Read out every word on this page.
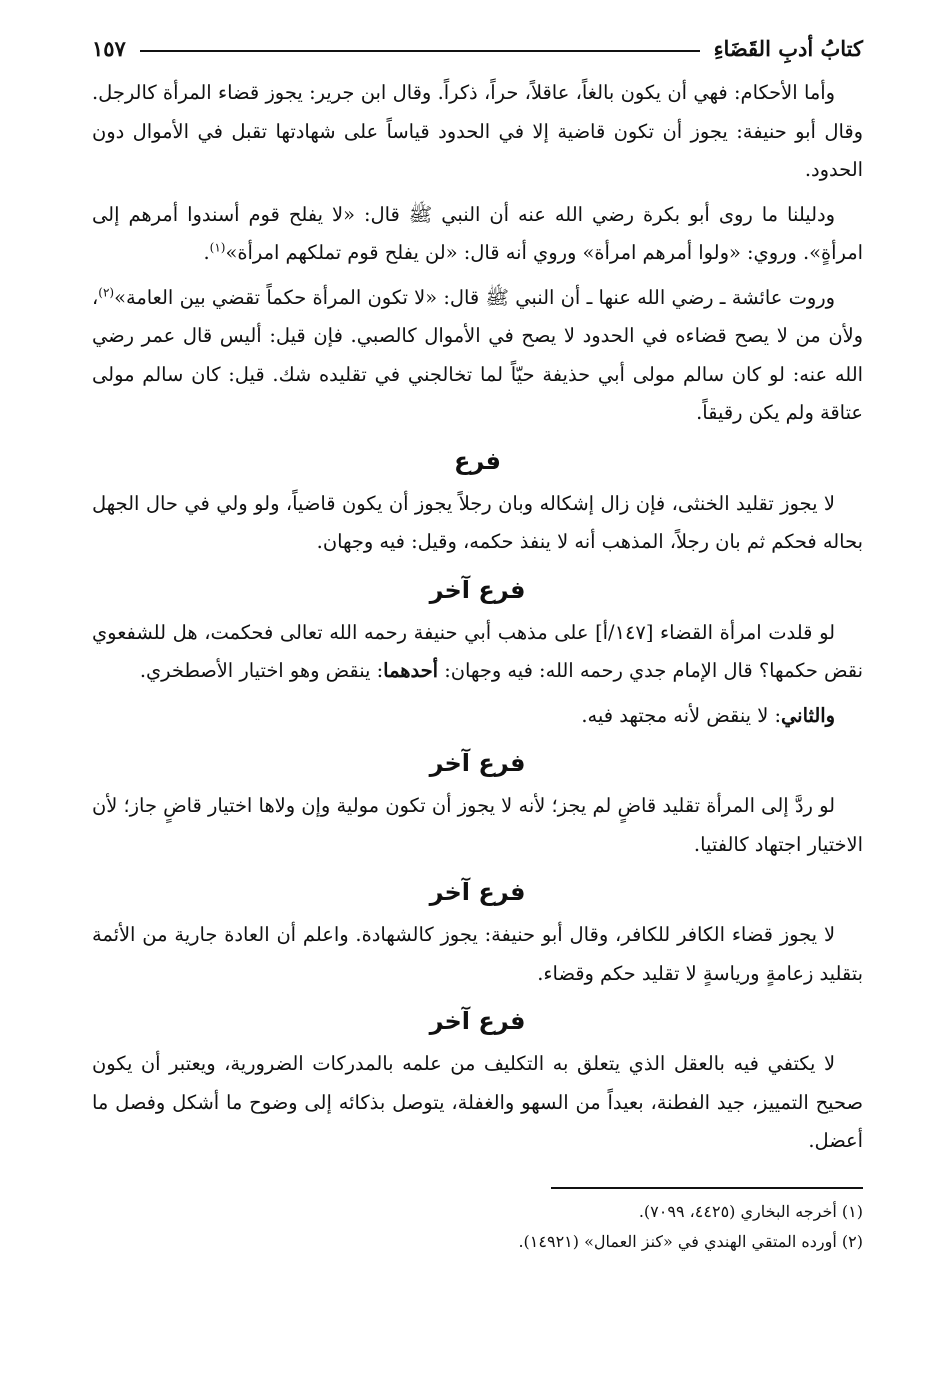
كتابُ أدبِ القَضَاءِ
١٥٧

وأما الأحكام: فهي أن يكون بالغاً، عاقلاً، حراً، ذكراً. وقال ابن جرير: يجوز قضاء المرأة كالرجل. وقال أبو حنيفة: يجوز أن تكون قاضية إلا في الحدود قياساً على شهادتها تقبل في الأموال دون الحدود.

ودليلنا ما روى أبو بكرة رضي الله عنه أن النبي ﷺ قال: «لا يفلح قوم أسندوا أمرهم إلى امرأةٍ». وروي: «ولوا أمرهم امرأة» وروي أنه قال: «لن يفلح قوم تملكهم امرأة»$^{(١)}$.

وروت عائشة ـ رضي الله عنها ـ أن النبي ﷺ قال: «لا تكون المرأة حكماً تقضي بين العامة»$^{(٢)}$، ولأن من لا يصح قضاءه في الحدود لا يصح في الأموال كالصبي. فإن قيل: أليس قال عمر رضي الله عنه: لو كان سالم مولى أبي حذيفة حيّاً لما تخالجني في تقليده شك. قيل: كان سالم مولى عتاقة ولم يكن رقيقاً.

فرع

لا يجوز تقليد الخنثى، فإن زال إشكاله وبان رجلاً يجوز أن يكون قاضياً، ولو ولي في حال الجهل بحاله فحكم ثم بان رجلاً، المذهب أنه لا ينفذ حكمه، وقيل: فيه وجهان.

فرع آخر

لو قلدت امرأة القضاء [١٤٧/أ] على مذهب أبي حنيفة رحمه الله تعالى فحكمت، هل للشفعوي نقض حكمها؟ قال الإمام جدي رحمه الله: فيه وجهان: أحدهما: ينقض وهو اختيار الأصطخري.

والثاني: لا ينقض لأنه مجتهد فيه.

فرع آخر

لو ردَّ إلى المرأة تقليد قاضٍ لم يجز؛ لأنه لا يجوز أن تكون مولية وإن ولاها اختيار قاضٍ جاز؛ لأن الاختيار اجتهاد كالفتيا.

فرع آخر

لا يجوز قضاء الكافر للكافر، وقال أبو حنيفة: يجوز كالشهادة. واعلم أن العادة جارية من الأئمة بتقليد زعامةٍ ورياسةٍ لا تقليد حكم وقضاء.

فرع آخر

لا يكتفي فيه بالعقل الذي يتعلق به التكليف من علمه بالمدركات الضرورية، ويعتبر أن يكون صحيح التمييز، جيد الفطنة، بعيداً من السهو والغفلة، يتوصل بذكائه إلى وضوح ما أشكل وفصل ما أعضل.

(١) أخرجه البخاري (٤٤٢٥، ٧٠٩٩).
(٢) أورده المتقي الهندي في «كنز العمال» (١٤٩٢١).
